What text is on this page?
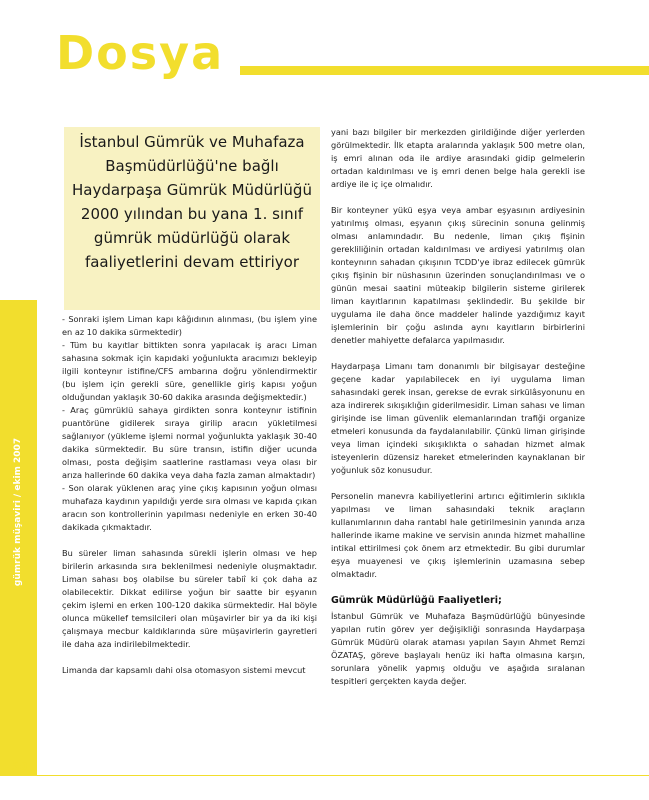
Dosya
gümrük müşaviri / ekim 2007
30

İstanbul Gümrük ve Muhafaza Başmüdürlüğü'ne bağlı Haydarpaşa Gümrük Müdürlüğü 2000 yılından bu yana 1. sınıf gümrük müdürlüğü olarak faaliyetlerini devam ettiriyor

- Sonraki işlem Liman kapı kâğıdının alınması, (bu işlem yine en az 10 dakika sürmektedir)

- Tüm bu kayıtlar bittikten sonra yapılacak iş aracı Liman sahasına sokmak için kapıdaki yoğunlukta aracımızı bekleyip ilgili konteynır istifine/CFS ambarına doğru yönlendirmektir (bu işlem için gerekli süre, genellikle giriş kapısı yoğun olduğundan yaklaşık 30-60 dakika arasında değişmektedir.)

- Araç gümrüklü sahaya girdikten sonra konteynır istifinin puantörüne gidilerek sıraya girilip aracın yükletilmesi sağlanıyor (yükleme işlemi normal yoğunlukta yaklaşık 30-40 dakika sürmektedir. Bu süre transın, istifin diğer ucunda olması, posta değişim saatlerine rastlaması veya olası bir arıza hallerinde 60 dakika veya daha fazla zaman almaktadır)

- Son olarak yüklenen araç yine çıkış kapısının yoğun olması muhafaza kaydının yapıldığı yerde sıra olması ve kapıda çıkan aracın son kontrollerinin yapılması nedeniyle en erken 30-40 dakikada çıkmaktadır.

Bu süreler liman sahasında sürekli işlerin olması ve hep birilerin arkasında sıra beklenilmesi nedeniyle oluşmaktadır. Liman sahası boş olabilse bu süreler tabiî ki çok daha az olabilecektir. Dikkat edilirse yoğun bir saatte bir eşyanın çekim işlemi en erken 100-120 dakika sürmektedir. Hal böyle olunca mükellef temsilcileri olan müşavirler bir ya da iki kişi çalışmaya mecbur kaldıklarında süre müşavirlerin gayretleri ile daha aza indirilebilmektedir.

Limanda dar kapsamlı dahi olsa otomasyon sistemi mevcut

yani bazı bilgiler bir merkezden girildiğinde diğer yerlerden görülmektedir. İlk etapta aralarında yaklaşık 500 metre olan, iş emri alınan oda ile ardiye arasındaki gidip gelmelerin ortadan kaldırılması ve iş emri denen belge hala gerekli ise ardiye ile iç içe olmalıdır.

Bir konteyner yükü eşya veya ambar eşyasının ardiyesinin yatırılmış olması, eşyanın çıkış sürecinin sonuna gelinmiş olması anlamındadır. Bu nedenle, liman çıkış fişinin gerekliliğinin ortadan kaldırılması ve ardiyesi yatırılmış olan konteynırın sahadan çıkışının TCDD'ye ibraz edilecek gümrük çıkış fişinin bir nüshasının üzerinden sonuçlandırılması ve o günün mesai saatini müteakip bilgilerin sisteme girilerek liman kayıtlarının kapatılması şeklindedir. Bu şekilde bir uygulama ile daha önce maddeler halinde yazdığımız kayıt işlemlerinin bir çoğu aslında aynı kayıtların birbirlerini denetler mahiyette defalarca yapılmasıdır.

Haydarpaşa Limanı tam donanımlı bir bilgisayar desteğine geçene kadar yapılabilecek en iyi uygulama liman sahasındaki gerek insan, gerekse de evrak sirkülâsyonunu en aza indirerek sıkışıklığın giderilmesidir. Liman sahası ve liman girişinde ise liman güvenlik elemanlarından trafiği organize etmeleri konusunda da faydalanılabilir. Çünkü liman girişinde veya liman içindeki sıkışıklıkta o sahadan hizmet almak isteyenlerin düzensiz hareket etmelerinden kaynaklanan bir yoğunluk söz konusudur.

Personelin manevra kabiliyetlerini artırıcı eğitimlerin sıklıkla yapılması ve liman sahasındaki teknik araçların kullanımlarının daha rantabl hale getirilmesinin yanında arıza hallerinde ikame makine ve servisin anında hizmet mahalline intikal ettirilmesi çok önem arz etmektedir. Bu gibi durumlar eşya muayenesi ve çıkış işlemlerinin uzamasına sebep olmaktadır.

Gümrük Müdürlüğü Faaliyetleri;

İstanbul Gümrük ve Muhafaza Başmüdürlüğü bünyesinde yapılan rutin görev yer değişikliği sonrasında Haydarpaşa Gümrük Müdürü olarak ataması yapılan Sayın Ahmet Remzi ÖZATAŞ, göreve başlayalı henüz iki hafta olmasına karşın, sorunlara yönelik yapmış olduğu ve aşağıda sıralanan tespitleri gerçekten kayda değer.
